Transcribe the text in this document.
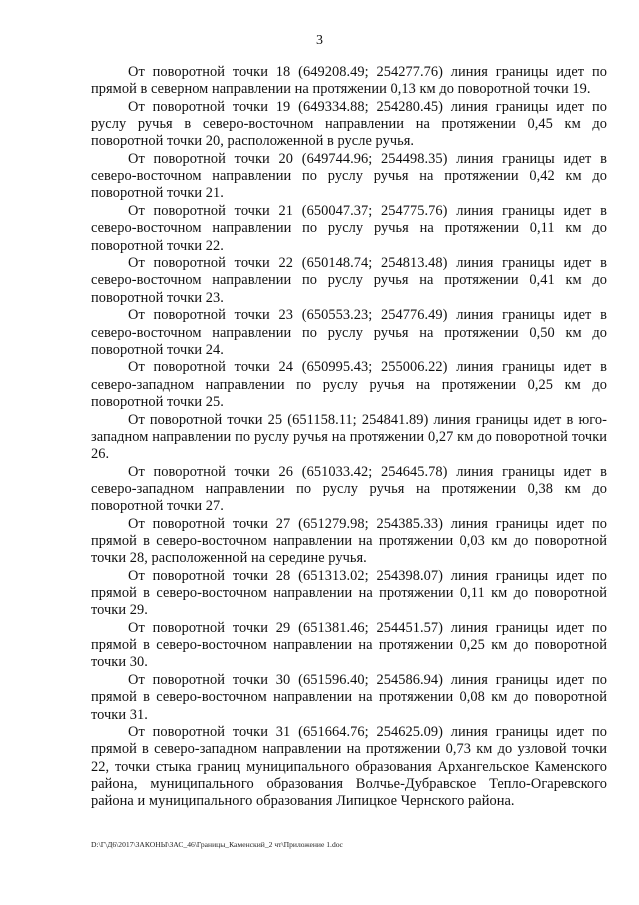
3

От поворотной точки 18 (649208.49; 254277.76) линия границы идет по прямой в северном направлении на протяжении 0,13 км до поворотной точки 19.

От поворотной точки 19 (649334.88; 254280.45) линия границы идет по руслу ручья в северо-восточном направлении на протяжении 0,45 км до поворотной точки 20, расположенной в русле ручья.

От поворотной точки 20 (649744.96; 254498.35) линия границы идет в северо-восточном направлении по руслу ручья на протяжении 0,42 км до поворотной точки 21.

От поворотной точки 21 (650047.37; 254775.76) линия границы идет в северо-восточном направлении по руслу ручья на протяжении 0,11 км до поворотной точки 22.

От поворотной точки 22 (650148.74; 254813.48) линия границы идет в северо-восточном направлении по руслу ручья на протяжении 0,41 км до поворотной точки 23.

От поворотной точки 23 (650553.23; 254776.49) линия границы идет в северо-восточном направлении по руслу ручья на протяжении 0,50 км до поворотной точки 24.

От поворотной точки 24 (650995.43; 255006.22) линия границы идет в северо-западном направлении по руслу ручья на протяжении 0,25 км до поворотной точки 25.

От поворотной точки 25 (651158.11; 254841.89) линия границы идет в юго-западном направлении по руслу ручья на протяжении 0,27 км до поворотной точки 26.

От поворотной точки 26 (651033.42; 254645.78) линия границы идет в северо-западном направлении по руслу ручья на протяжении 0,38 км до поворотной точки 27.

От поворотной точки 27 (651279.98; 254385.33) линия границы идет по прямой в северо-восточном направлении на протяжении 0,03 км до поворотной точки 28, расположенной на середине ручья.

От поворотной точки 28 (651313.02; 254398.07) линия границы идет по прямой в северо-восточном направлении на протяжении 0,11 км до поворотной точки 29.

От поворотной точки 29 (651381.46; 254451.57) линия границы идет по прямой в северо-восточном направлении на протяжении 0,25 км до поворотной точки 30.

От поворотной точки 30 (651596.40; 254586.94) линия границы идет по прямой в северо-восточном направлении на протяжении 0,08 км до поворотной точки 31.

От поворотной точки 31 (651664.76; 254625.09) линия границы идет по прямой в северо-западном направлении на протяжении 0,73 км до узловой точки 22, точки стыка границ муниципального образования Архангельское Каменского района, муниципального образования Волчье-Дубравское Тепло-Огаревского района и муниципального образования Липицкое Чернского района.

D:\Г\Д6\2017\ЗАКОНЫ\ЗАС_46\Границы_Каменский_2 чт\Приложение 1.doc
